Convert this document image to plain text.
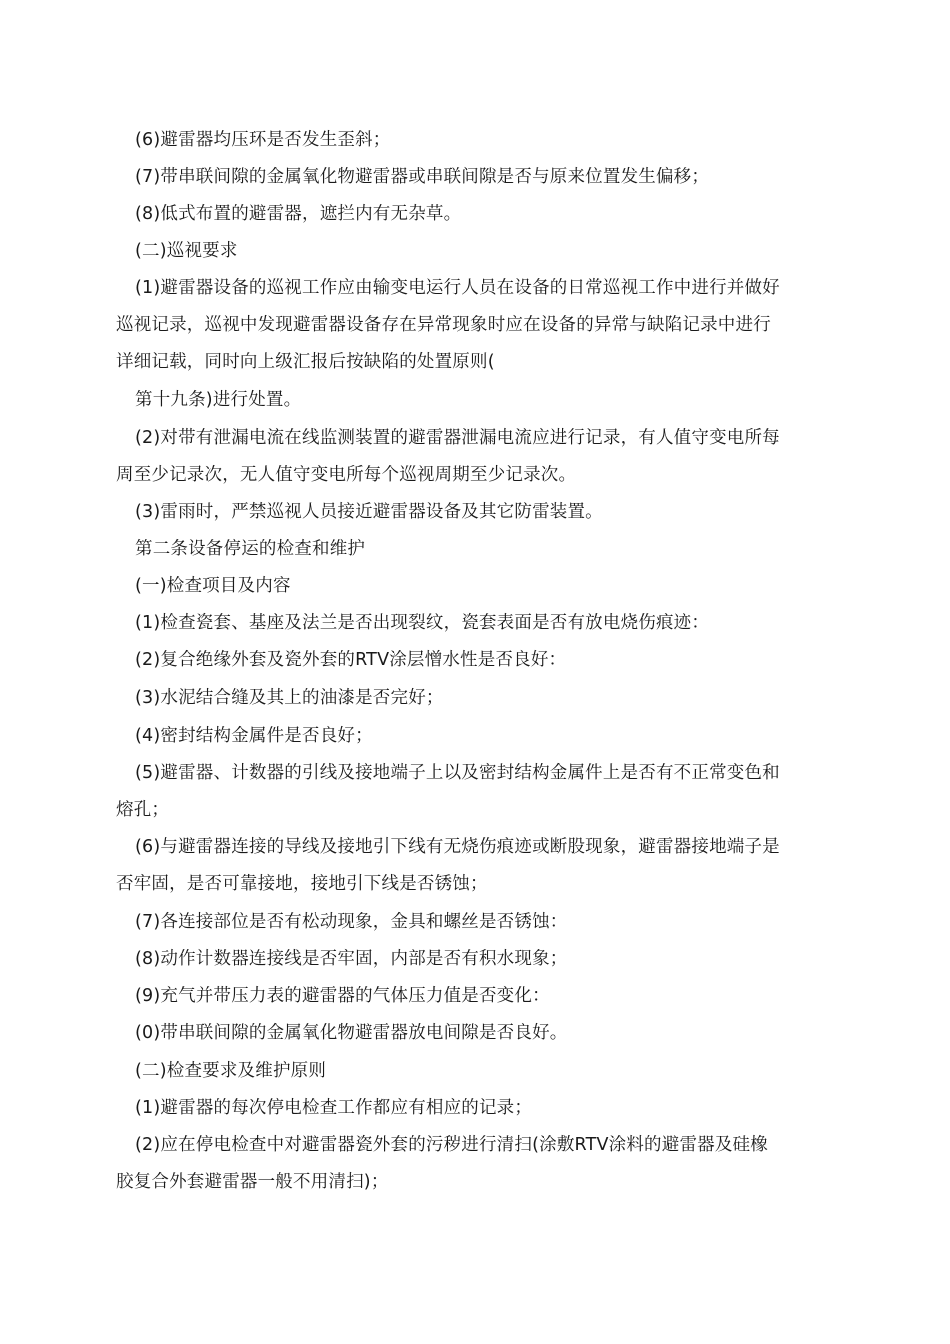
(6)避雷器均压环是否发生歪斜；
(7)带串联间隙的金属氧化物避雷器或串联间隙是否与原来位置发生偏移；
(8)低式布置的避雷器，遮拦内有无杂草。
(二)巡视要求
(1)避雷器设备的巡视工作应由输变电运行人员在设备的日常巡视工作中进行并做好
巡视记录，巡视中发现避雷器设备存在异常现象时应在设备的异常与缺陷记录中进行
详细记载，同时向上级汇报后按缺陷的处置原则(
第十九条)进行处置。
(2)对带有泄漏电流在线监测装置的避雷器泄漏电流应进行记录，有人值守变电所每
周至少记录次，无人值守变电所每个巡视周期至少记录次。
(3)雷雨时，严禁巡视人员接近避雷器设备及其它防雷装置。
第二条设备停运的检查和维护
(一)检查项目及内容
(1)检查瓷套、基座及法兰是否出现裂纹，瓷套表面是否有放电烧伤痕迹：
(2)复合绝缘外套及瓷外套的RTV涂层憎水性是否良好：
(3)水泥结合缝及其上的油漆是否完好；
(4)密封结构金属件是否良好；
(5)避雷器、计数器的引线及接地端子上以及密封结构金属件上是否有不正常变色和
熔孔；
(6)与避雷器连接的导线及接地引下线有无烧伤痕迹或断股现象，避雷器接地端子是
否牢固，是否可靠接地，接地引下线是否锈蚀；
(7)各连接部位是否有松动现象，金具和螺丝是否锈蚀：
(8)动作计数器连接线是否牢固，内部是否有积水现象；
(9)充气并带压力表的避雷器的气体压力值是否变化：
(0)带串联间隙的金属氧化物避雷器放电间隙是否良好。
(二)检查要求及维护原则
(1)避雷器的每次停电检查工作都应有相应的记录；
(2)应在停电检查中对避雷器瓷外套的污秽进行清扫(涂敷RTV涂料的避雷器及硅橡
胶复合外套避雷器一般不用清扫)；
